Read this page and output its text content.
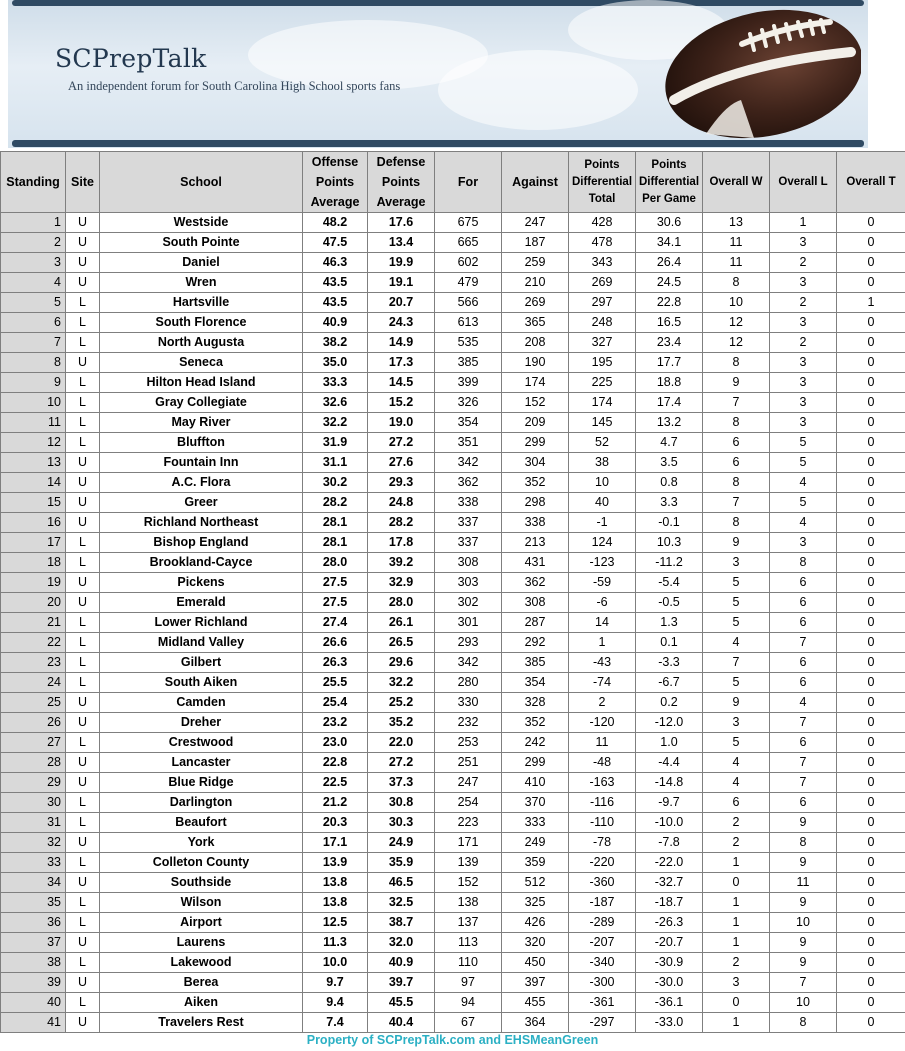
SCPrepTalk
An independent forum for South Carolina High School sports fans
Standing	Site	School	Offense Points Average	Defense Points Average	For	Against	Points Differential Total	Points Differential Per Game	Overall W	Overall L	Overall T
1	U	Westside	48.2	17.6	675	247	428	30.6	13	1	0
2	U	South Pointe	47.5	13.4	665	187	478	34.1	11	3	0
3	U	Daniel	46.3	19.9	602	259	343	26.4	11	2	0
4	U	Wren	43.5	19.1	479	210	269	24.5	8	3	0
5	L	Hartsville	43.5	20.7	566	269	297	22.8	10	2	1
6	L	South Florence	40.9	24.3	613	365	248	16.5	12	3	0
7	L	North Augusta	38.2	14.9	535	208	327	23.4	12	2	0
8	U	Seneca	35.0	17.3	385	190	195	17.7	8	3	0
9	L	Hilton Head Island	33.3	14.5	399	174	225	18.8	9	3	0
10	L	Gray Collegiate	32.6	15.2	326	152	174	17.4	7	3	0
11	L	May River	32.2	19.0	354	209	145	13.2	8	3	0
12	L	Bluffton	31.9	27.2	351	299	52	4.7	6	5	0
13	U	Fountain Inn	31.1	27.6	342	304	38	3.5	6	5	0
14	U	A.C. Flora	30.2	29.3	362	352	10	0.8	8	4	0
15	U	Greer	28.2	24.8	338	298	40	3.3	7	5	0
16	U	Richland Northeast	28.1	28.2	337	338	-1	-0.1	8	4	0
17	L	Bishop England	28.1	17.8	337	213	124	10.3	9	3	0
18	L	Brookland-Cayce	28.0	39.2	308	431	-123	-11.2	3	8	0
19	U	Pickens	27.5	32.9	303	362	-59	-5.4	5	6	0
20	U	Emerald	27.5	28.0	302	308	-6	-0.5	5	6	0
21	L	Lower Richland	27.4	26.1	301	287	14	1.3	5	6	0
22	L	Midland Valley	26.6	26.5	293	292	1	0.1	4	7	0
23	L	Gilbert	26.3	29.6	342	385	-43	-3.3	7	6	0
24	L	South Aiken	25.5	32.2	280	354	-74	-6.7	5	6	0
25	U	Camden	25.4	25.2	330	328	2	0.2	9	4	0
26	U	Dreher	23.2	35.2	232	352	-120	-12.0	3	7	0
27	L	Crestwood	23.0	22.0	253	242	11	1.0	5	6	0
28	U	Lancaster	22.8	27.2	251	299	-48	-4.4	4	7	0
29	U	Blue Ridge	22.5	37.3	247	410	-163	-14.8	4	7	0
30	L	Darlington	21.2	30.8	254	370	-116	-9.7	6	6	0
31	L	Beaufort	20.3	30.3	223	333	-110	-10.0	2	9	0
32	U	York	17.1	24.9	171	249	-78	-7.8	2	8	0
33	L	Colleton County	13.9	35.9	139	359	-220	-22.0	1	9	0
34	U	Southside	13.8	46.5	152	512	-360	-32.7	0	11	0
35	L	Wilson	13.8	32.5	138	325	-187	-18.7	1	9	0
36	L	Airport	12.5	38.7	137	426	-289	-26.3	1	10	0
37	U	Laurens	11.3	32.0	113	320	-207	-20.7	1	9	0
38	L	Lakewood	10.0	40.9	110	450	-340	-30.9	2	9	0
39	U	Berea	9.7	39.7	97	397	-300	-30.0	3	7	0
40	L	Aiken	9.4	45.5	94	455	-361	-36.1	0	10	0
41	U	Travelers Rest	7.4	40.4	67	364	-297	-33.0	1	8	0
Property of SCPrepTalk.com and EHSMeanGreen
